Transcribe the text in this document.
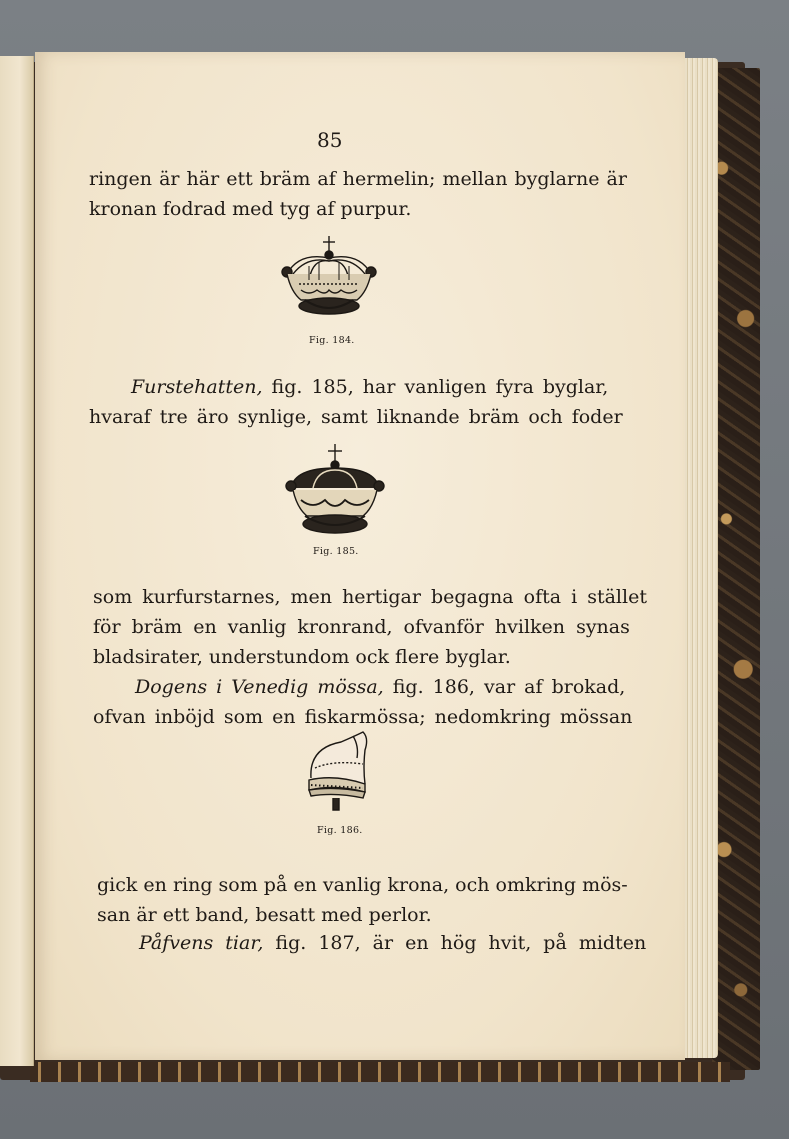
85
ringen är här ett bräm af hermelin; mellan byglarne är
kronan fodrad med tyg af purpur.
Fig. 184.
Furstehatten, fig. 185, har vanligen fyra byglar,
hvaraf tre äro synlige, samt liknande bräm och foder
Fig. 185.
som kurfurstarnes, men hertigar begagna ofta i stället
för bräm en vanlig kronrand, ofvanför hvilken synas
bladsirater, understundom ock flere byglar.
Dogens i Venedig mössa, fig. 186, var af brokad,
ofvan inböjd som en fiskarmössa; nedomkring mössan
Fig. 186.
gick en ring som på en vanlig krona, och omkring mös-
san är ett band, besatt med perlor.
Påfvens tiar, fig. 187, är en hög hvit, på midten
